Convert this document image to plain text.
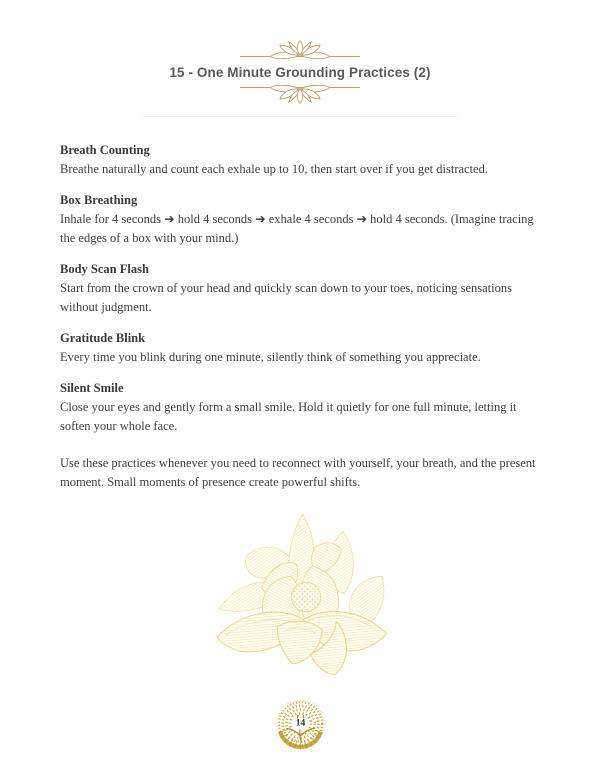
15 - One Minute Grounding Practices (2)
Breath Counting

Breathe naturally and count each exhale up to 10, then start over if you get distracted.

Box Breathing

Inhale for 4 seconds ➔ hold 4 seconds ➔ exhale 4 seconds ➔ hold 4 seconds. (Imagine tracing the edges of a box with your mind.)

Body Scan Flash

Start from the crown of your head and quickly scan down to your toes, noticing sensations without judgment.

Gratitude Blink

Every time you blink during one minute, silently think of something you appreciate.

Silent Smile

Close your eyes and gently form a small smile. Hold it quietly for one full minute, letting it soften your whole face.

Use these practices whenever you need to reconnect with yourself, your breath, and the present moment. Small moments of presence create powerful shifts.

14
